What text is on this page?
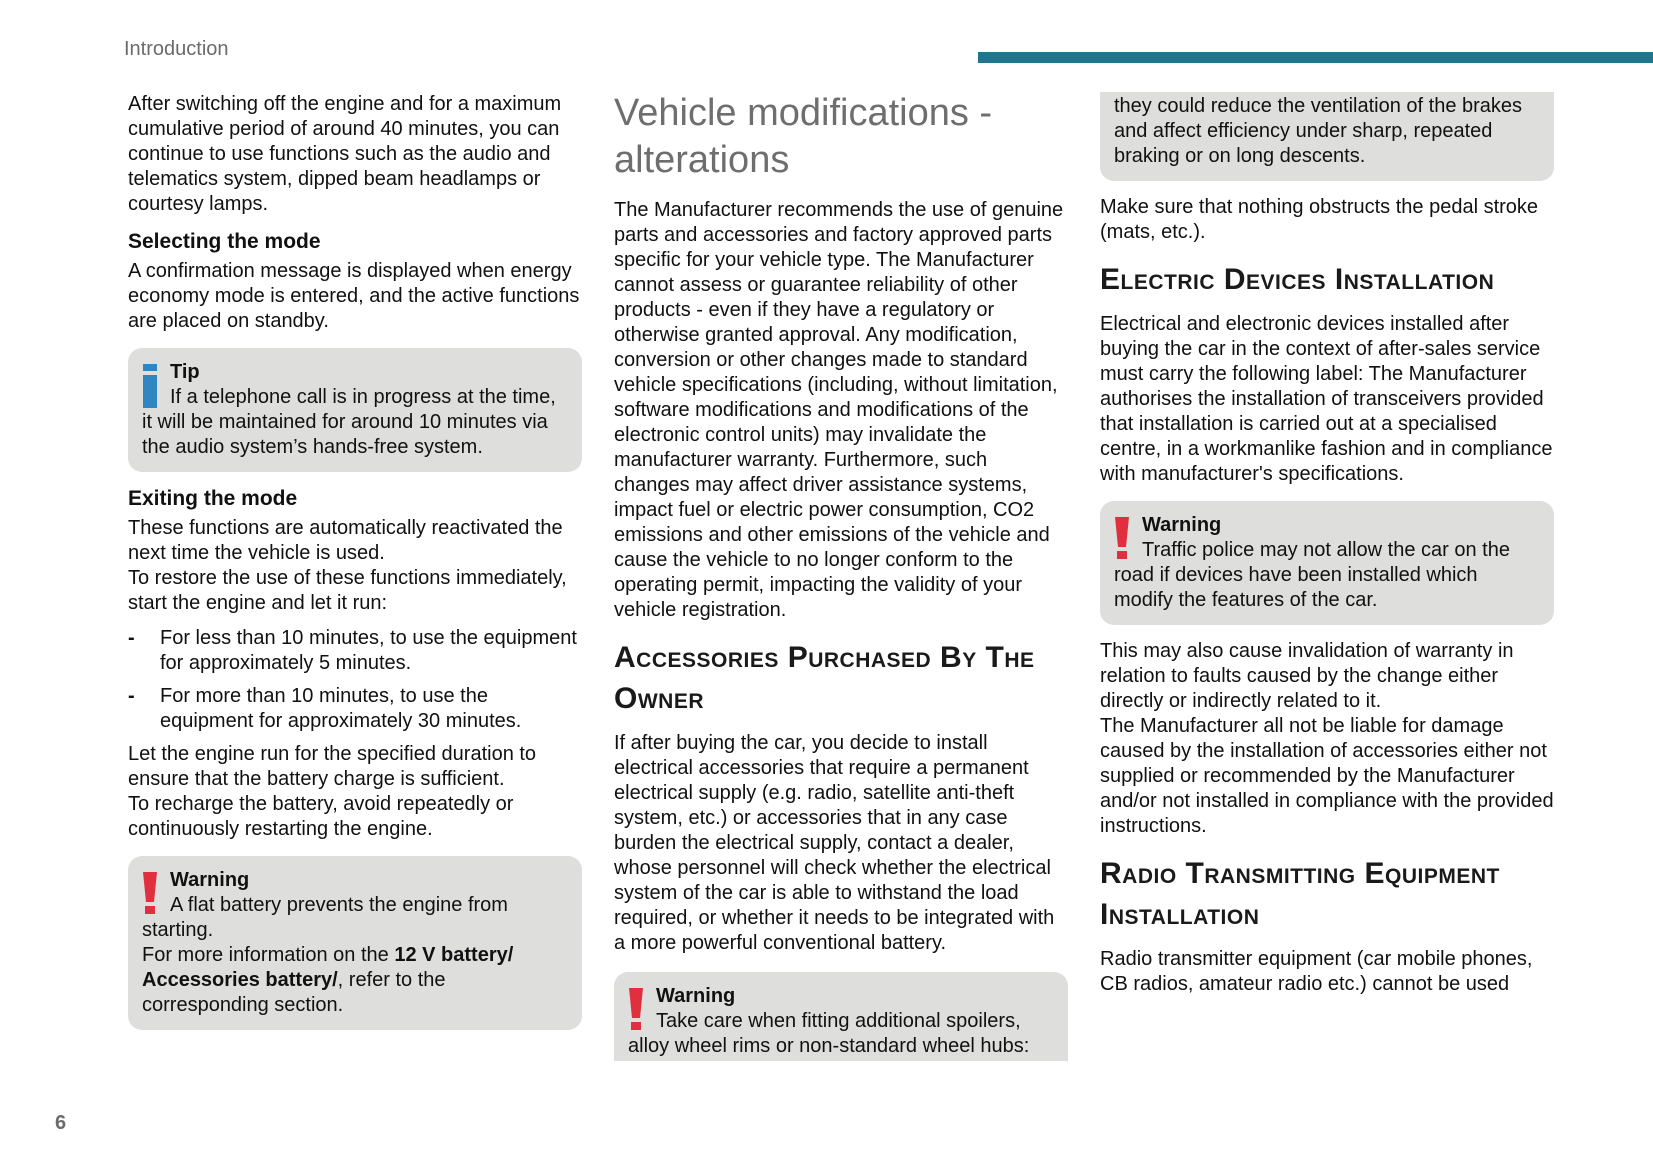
Introduction

After switching off the engine and for a maximum cumulative period of around 40 minutes, you can continue to use functions such as the audio and telematics system, dipped beam headlamps or courtesy lamps.

Selecting the mode

A confirmation message is displayed when energy economy mode is entered, and the active functions are placed on standby.

Tip

If a telephone call is in progress at the time, it will be maintained for around 10 minutes via the audio system’s hands-free system.

Exiting the mode

These functions are automatically reactivated the next time the vehicle is used.

To restore the use of these functions immediately, start the engine and let it run:

- For less than 10 minutes, to use the equipment for approximately 5 minutes.
- For more than 10 minutes, to use the equipment for approximately 30 minutes.

Let the engine run for the specified duration to ensure that the battery charge is sufficient.

To recharge the battery, avoid repeatedly or continuously restarting the engine.

Warning

A flat battery prevents the engine from starting.

For more information on the 12 V battery/ Accessories battery/, refer to the corresponding section.

Vehicle modifications - alterations

The Manufacturer recommends the use of genuine parts and accessories and factory approved parts specific for your vehicle type. The Manufacturer cannot assess or guarantee reliability of other products - even if they have a regulatory or otherwise granted approval. Any modification, conversion or other changes made to standard vehicle specifications (including, without limitation, software modifications and modifications of the electronic control units) may invalidate the manufacturer warranty. Furthermore, such changes may affect driver assistance systems, impact fuel or electric power consumption, CO2 emissions and other emissions of the vehicle and cause the vehicle to no longer conform to the operating permit, impacting the validity of your vehicle registration.

Accessories Purchased By The Owner

If after buying the car, you decide to install electrical accessories that require a permanent electrical supply (e.g. radio, satellite anti-theft system, etc.) or accessories that in any case burden the electrical supply, contact a dealer, whose personnel will check whether the electrical system of the car is able to withstand the load required, or whether it needs to be integrated with a more powerful conventional battery.

Warning

Take care when fitting additional spoilers, alloy wheel rims or non-standard wheel hubs:

they could reduce the ventilation of the brakes and affect efficiency under sharp, repeated braking or on long descents.

Make sure that nothing obstructs the pedal stroke (mats, etc.).

Electric Devices Installation

Electrical and electronic devices installed after buying the car in the context of after-sales service must carry the following label: The Manufacturer authorises the installation of transceivers provided that installation is carried out at a specialised centre, in a workmanlike fashion and in compliance with manufacturer's specifications.

Warning

Traffic police may not allow the car on the road if devices have been installed which modify the features of the car.

This may also cause invalidation of warranty in relation to faults caused by the change either directly or indirectly related to it.

The Manufacturer all not be liable for damage caused by the installation of accessories either not supplied or recommended by the Manufacturer and/or not installed in compliance with the provided instructions.

Radio Transmitting Equipment Installation

Radio transmitter equipment (car mobile phones, CB radios, amateur radio etc.) cannot be used

6
